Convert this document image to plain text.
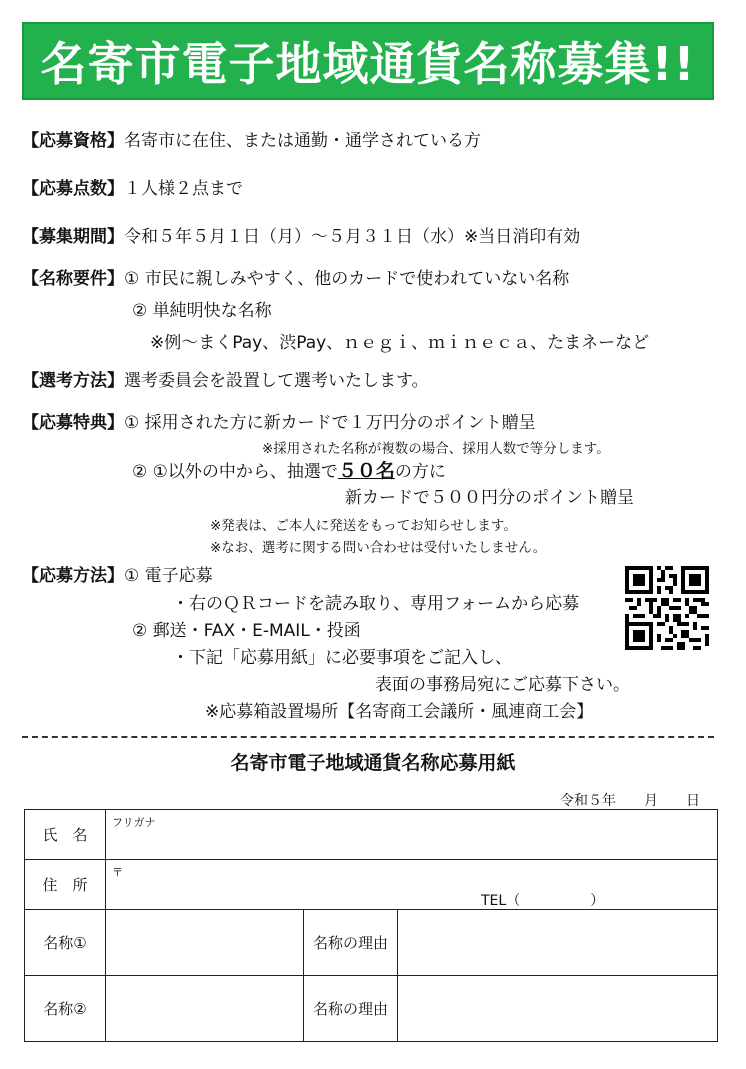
名寄市電子地域通貨名称募集!!
【応募資格】名寄市に在住、または通勤・通学されている方
【応募点数】１人様２点まで
【募集期間】令和５年５月１日（月）～５月３１日（水）※当日消印有効
【名称要件】① 市民に親しみやすく、他のカードで使われていない名称
② 単純明快な名称
※例～まくPay、渋Pay、ｎｅｇｉ、ｍｉｎｅｃａ、たまネーなど
【選考方法】選考委員会を設置して選考いたします。
【応募特典】① 採用された方に新カードで１万円分のポイント贈呈
※採用された名称が複数の場合、採用人数で等分します。
② ①以外の中から、抽選で５０名の方に
新カードで５００円分のポイント贈呈
※発表は、ご本人に発送をもってお知らせします。
※なお、選考に関する問い合わせは受付いたしません。
【応募方法】① 電子応募
・右のＱＲコードを読み取り、専用フォームから応募
② 郵送・FAX・E-MAIL・投函
・下記「応募用紙」に必要事項をご記入し、
表面の事務局宛にご応募下さい。
※応募箱設置場所【名寄商工会議所・風連商工会】
名寄市電子地域通貨名称応募用紙
令和５年　　月　　日
氏　名	フリガナ		

住　所	〒
TEL（　　　　　）		

名称①		名称の理由	
名称②		名称の理由	
